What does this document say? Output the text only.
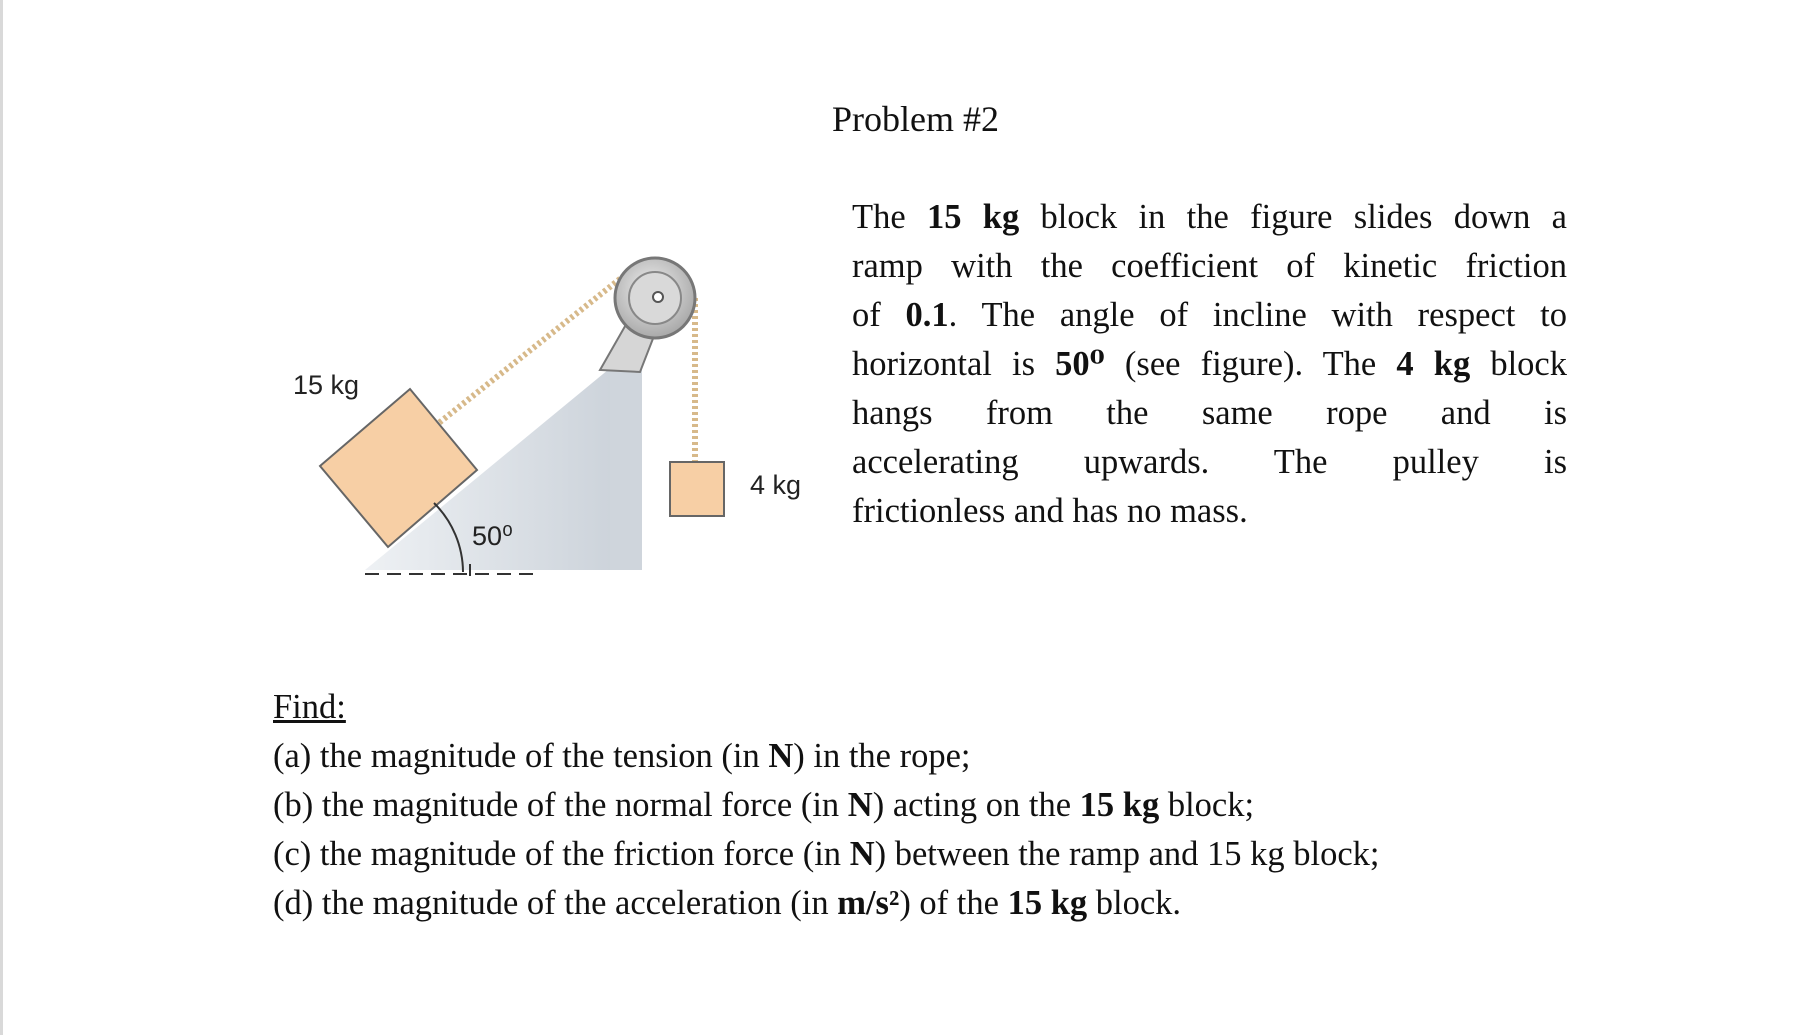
15 kg
4 kg
50⁰
Problem #2

The 15 kg block in the figure slides down a
ramp with the coefficient of kinetic friction
of 0.1. The angle of incline with respect to
horizontal is 50⁰ (see figure). The 4 kg block
hangs from the same rope and is
accelerating upwards. The pulley is
frictionless and has no mass.

Find:
(a) the magnitude of the tension (in N) in the rope;
(b) the magnitude of the normal force (in N) acting on the 15 kg block;
(c) the magnitude of the friction force (in N) between the ramp and 15 kg block;
(d) the magnitude of the acceleration (in m/s²) of the 15 kg block.
